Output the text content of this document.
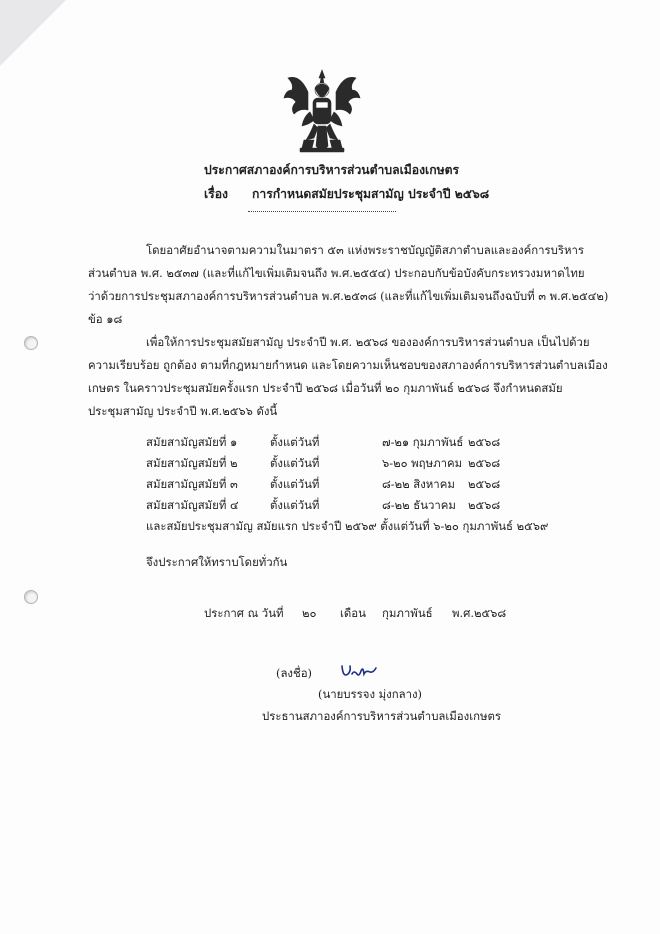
ประกาศสภาองค์การบริหารส่วนตำบลเมืองเกษตร
เรื่อง การกำหนดสมัยประชุมสามัญ ประจำปี ๒๕๖๘
โดยอาศัยอำนาจตามความในมาตรา ๕๓ แห่งพระราชบัญญัติสภาตำบลและองค์การบริหาร
ส่วนตำบล พ.ศ. ๒๕๓๗ (และที่แก้ไขเพิ่มเติมจนถึง พ.ศ.๒๕๕๔) ประกอบกับข้อบังคับกระทรวงมหาดไทย
ว่าด้วยการประชุมสภาองค์การบริหารส่วนตำบล พ.ศ.๒๕๓๘ (และที่แก้ไขเพิ่มเติมจนถึงฉบับที่ ๓ พ.ศ.๒๕๔๒)
ข้อ ๑๘
เพื่อให้การประชุมสมัยสามัญ ประจำปี พ.ศ. ๒๕๖๘ ขององค์การบริหารส่วนตำบล เป็นไปด้วย
ความเรียบร้อย ถูกต้อง ตามที่กฎหมายกำหนด และโดยความเห็นชอบของสภาองค์การบริหารส่วนตำบลเมือง
เกษตร ในคราวประชุมสมัยครั้งแรก ประจำปี ๒๕๖๘ เมื่อวันที่ ๒๐ กุมภาพันธ์ ๒๕๖๘ จึงกำหนดสมัย
ประชุมสามัญ ประจำปี พ.ศ.๒๕๖๖ ดังนี้
สมัยสามัญสมัยที่ ๑	ตั้งแต่วันที่	๗-๒๑ กุมภาพันธ์ ๒๕๖๘
สมัยสามัญสมัยที่ ๒	ตั้งแต่วันที่	๖-๒๐ พฤษภาคม ๒๕๖๘
สมัยสามัญสมัยที่ ๓	ตั้งแต่วันที่	๘-๒๒ สิงหาคม ๒๕๖๘
สมัยสามัญสมัยที่ ๔	ตั้งแต่วันที่	๘-๒๒ ธันวาคม ๒๕๖๘
และสมัยประชุมสามัญ สมัยแรก ประจำปี ๒๕๖๙ ตั้งแต่วันที่ ๖-๒๐ กุมภาพันธ์ ๒๕๖๙
จึงประกาศให้ทราบโดยทั่วกัน
ประกาศ ณ วันที่ ๒๐ เดือน กุมภาพันธ์ พ.ศ.๒๕๖๘
(ลงชื่อ)
(นายบรรจง มุ่งกลาง)
ประธานสภาองค์การบริหารส่วนตำบลเมืองเกษตร
